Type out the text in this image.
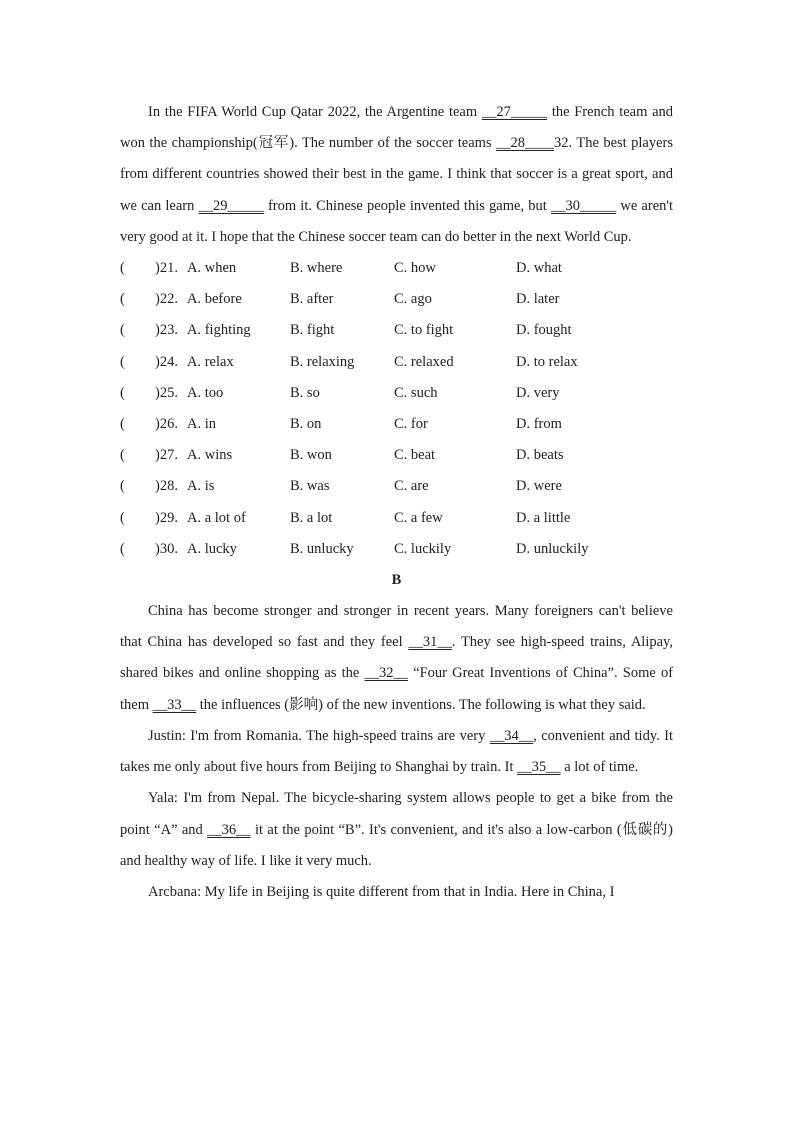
In the FIFA World Cup Qatar 2022, the Argentine team __27_____ the French team and won the championship(冠军). The number of the soccer teams __28____32. The best players from different countries showed their best in the game. I think that soccer is a great sport, and we can learn __29_____ from it. Chinese people invented this game, but __30_____ we aren't very good at it. I hope that the Chinese soccer team can do better in the next World Cup.

(	)21. A. when	B. where	C. how	D. what
(	)22. A. before	B. after	C. ago	D. later
(	)23. A. fighting	B. fight	C. to fight	D. fought
(	)24. A. relax	B. relaxing	C. relaxed	D. to relax
(	)25. A. too	B. so	C. such	D. very
(	)26. A. in	B. on	C. for	D. from
(	)27. A. wins	B. won	C. beat	D. beats
(	)28. A. is	B. was	C. are	D. were
(	)29. A. a lot of	B. a lot	C. a few	D. a little
(	)30. A. lucky	B. unlucky	C. luckily	D. unluckily
B

China has become stronger and stronger in recent years. Many foreigners can't believe that China has developed so fast and they feel __31__. They see high-speed trains, Alipay, shared bikes and online shopping as the __32__ “Four Great Inventions of China”. Some of them __33__ the influences (影响) of the new inventions. The following is what they said.

Justin: I'm from Romania. The high-speed trains are very __34__, convenient and tidy. It takes me only about five hours from Beijing to Shanghai by train. It __35__ a lot of time.

Yala: I'm from Nepal. The bicycle-sharing system allows people to get a bike from the point “A” and __36__ it at the point “B”. It's convenient, and it's also a low-carbon (低碳的) and healthy way of life. I like it very much.

Arcbana: My life in Beijing is quite different from that in India. Here in China, I
